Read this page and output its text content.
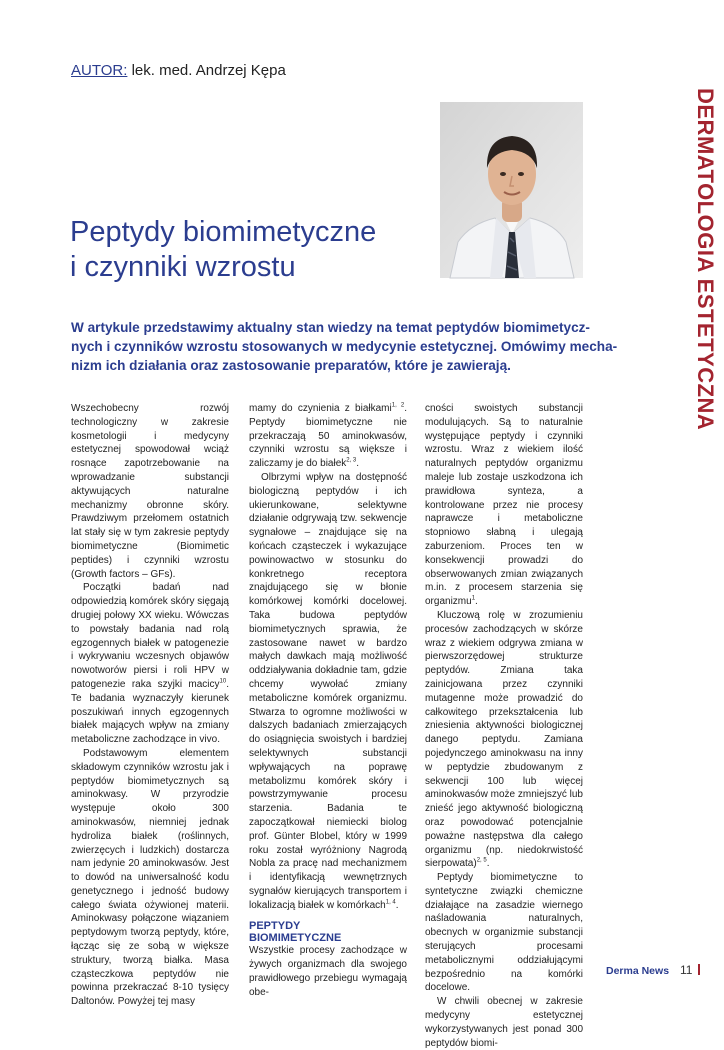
AUTOR: lek. med. Andrzej Kępa
DERMATOLOGIA ESTETYCZNA
Peptydy biomimetyczne
i czynniki wzrostu
W artykule przedstawimy aktualny stan wiedzy na temat peptydów biomimetycz-
nych i czynników wzrostu stosowanych w medycynie estetycznej. Omówimy mecha-
nizm ich działania oraz zastosowanie preparatów, które je zawierają.

Wszechobecny rozwój technologiczny w zakresie kosmetologii i medycyny estetycznej spowodował wciąż rosnące zapotrzebowanie na wprowadzanie substancji aktywujących naturalne mechanizmy obronne skóry. Prawdziwym przełomem ostatnich lat stały się w tym zakresie peptydy biomimetyczne (Biomimetic peptides) i czynniki wzrostu (Growth factors – GFs).

Początki badań nad odpowiedzią komórek skóry sięgają drugiej połowy XX wieku. Wówczas to powstały badania nad rolą egzogennych białek w patogenezie i wykrywaniu wczesnych objawów nowotworów piersi i roli HPV w patogenezie raka szyjki macicy$^{10}$. Te badania wyznaczyły kierunek poszukiwań innych egzogennych białek mających wpływ na zmiany metaboliczne zachodzące in vivo.

Podstawowym elementem składowym czynników wzrostu jak i peptydów biomimetycznych są aminokwasy. W przyrodzie występuje około 300 aminokwasów, niemniej jednak hydroliza białek (roślinnych, zwierzęcych i ludzkich) dostarcza nam jedynie 20 aminokwasów. Jest to dowód na uniwersalność kodu genetycznego i jedność budowy całego świata ożywionej materii. Aminokwasy połączone wiązaniem peptydowym tworzą peptydy, które, łącząc się ze sobą w większe struktury, tworzą białka. Masa cząsteczkowa peptydów nie powinna przekraczać 8-10 tysięcy Daltonów. Powyżej tej masy

mamy do czynienia z białkami$^{1, 2}$. Peptydy biomimetyczne nie przekraczają 50 aminokwasów, czynniki wzrostu są większe i zaliczamy je do białek$^{2, 3}$.

Olbrzymi wpływ na dostępność biologiczną peptydów i ich ukierunkowane, selektywne działanie odgrywają tzw. sekwencje sygnałowe – znajdujące się na końcach cząsteczek i wykazujące powinowactwo w stosunku do konkretnego receptora znajdującego się w błonie komórkowej komórki docelowej. Taka budowa peptydów biomimetycznych sprawia, że zastosowane nawet w bardzo małych dawkach mają możliwość oddziaływania dokładnie tam, gdzie chcemy wywołać zmiany metaboliczne komórek organizmu. Stwarza to ogromne możliwości w dalszych badaniach zmierzających do osiągnięcia swoistych i bardziej selektywnych substancji wpływających na poprawę metabolizmu komórek skóry i powstrzymywanie procesu starzenia. Badania te zapoczątkował niemiecki biolog prof. Günter Blobel, który w 1999 roku został wyróżniony Nagrodą Nobla za pracę nad mechanizmem i identyfikacją wewnętrznych sygnałów kierujących transportem i lokalizacją białek w komórkach$^{1, 4}$.

PEPTYDY
BIOMIMETYCZNE

Wszystkie procesy zachodzące w żywych organizmach dla swojego prawidłowego przebiegu wymagają obe-

cności swoistych substancji modulujących. Są to naturalnie występujące peptydy i czynniki wzrostu. Wraz z wiekiem ilość naturalnych peptydów organizmu maleje lub zostaje uszkodzona ich prawidłowa synteza, a kontrolowane przez nie procesy naprawcze i metaboliczne stopniowo słabną i ulegają zaburzeniom. Proces ten w konsekwencji prowadzi do obserwowanych zmian związanych m.in. z procesem starzenia się organizmu$^1$.

Kluczową rolę w zrozumieniu procesów zachodzących w skórze wraz z wiekiem odgrywa zmiana w pierwszorzędowej strukturze peptydów. Zmiana taka zainicjowana przez czynniki mutagenne może prowadzić do całkowitego przekształcenia lub zniesienia aktywności biologicznej danego peptydu. Zamiana pojedynczego aminokwasu na inny w peptydzie zbudowanym z sekwencji 100 lub więcej aminokwasów może zmniejszyć lub znieść jego aktywność biologiczną oraz powodować potencjalnie poważne następstwa dla całego organizmu (np. niedokrwistość sierpowata)$^{2, 5}$.

Peptydy biomimetyczne to syntetyczne związki chemiczne działające na zasadzie wiernego naśladowania naturalnych, obecnych w organizmie substancji sterujących procesami metabolicznymi oddziałującymi bezpośrednio na komórki docelowe.

W chwili obecnej w zakresie medycyny estetycznej wykorzystywanych jest ponad 300 peptydów biomi-

Derma News 11
